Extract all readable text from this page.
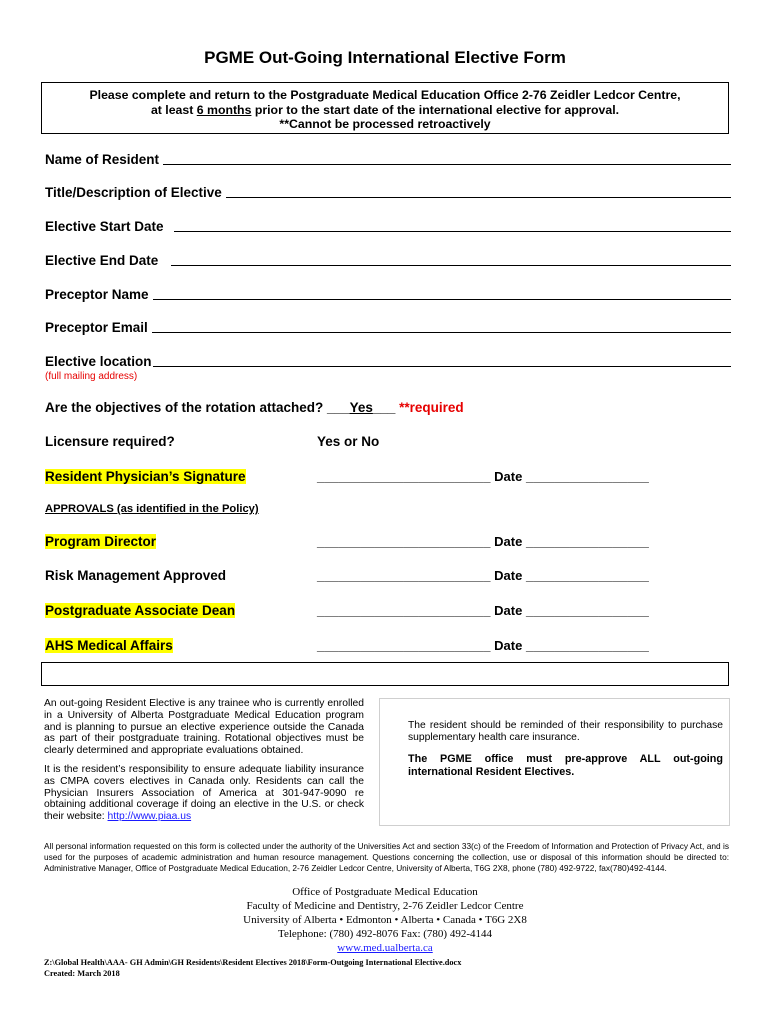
PGME Out-Going International Elective Form
Please complete and return to the Postgraduate Medical Education Office 2-76 Zeidler Ledcor Centre,
at least 6 months prior to the start date of the international elective for approval.
**Cannot be processed retroactively
Name of Resident
Title/Description of Elective
Elective Start Date
Elective End Date
Preceptor Name
Preceptor Email
Elective location
(full mailing address)
Are the objectives of the rotation attached? ___Yes___ **required
Licensure required?	Yes or No
Resident Physician’s Signature	________________________ Date _________________
APPROVALS (as identified in the Policy)
Program Director	________________________ Date _________________
Risk Management Approved	________________________ Date _________________
Postgraduate Associate Dean	________________________ Date _________________
AHS Medical Affairs	________________________ Date _________________
An out-going Resident Elective is any trainee who is currently enrolled in a University of Alberta Postgraduate Medical Education program and is planning to pursue an elective experience outside the Canada as part of their postgraduate training. Rotational objectives must be clearly determined and appropriate evaluations obtained.
It is the resident’s responsibility to ensure adequate liability insurance as CMPA covers electives in Canada only. Residents can call the Physician Insurers Association of America at 301-947-9090 re obtaining additional coverage if doing an elective in the U.S. or check their website: http://www.piaa.us
The resident should be reminded of their responsibility to purchase supplementary health care insurance.
The PGME office must pre-approve ALL out-going international Resident Electives.
All personal information requested on this form is collected under the authority of the Universities Act and section 33(c) of the Freedom of Information and Protection of Privacy Act, and is used for the purposes of academic administration and human resource management. Questions concerning the collection, use or disposal of this information should be directed to: Administrative Manager, Office of Postgraduate Medical Education, 2-76 Zeidler Ledcor Centre, University of Alberta, T6G 2X8, phone (780) 492-9722, fax(780)492-4144.
Office of Postgraduate Medical Education
Faculty of Medicine and Dentistry, 2-76 Zeidler Ledcor Centre
University of Alberta • Edmonton • Alberta • Canada • T6G 2X8
Telephone: (780) 492-8076 Fax: (780) 492-4144
www.med.ualberta.ca
Z:\Global Health\AAA- GH Admin\GH Residents\Resident Electives 2018\Form-Outgoing International Elective.docx
Created: March 2018
